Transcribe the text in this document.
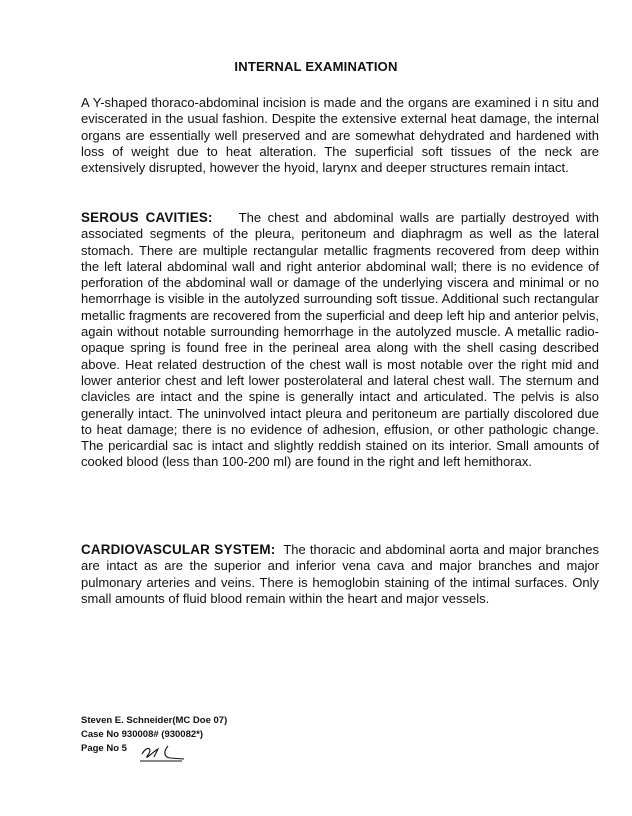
INTERNAL EXAMINATION

A Y-shaped thoraco-abdominal incision is made and the organs are examined i n situ and eviscerated in the usual fashion. Despite the extensive external heat damage, the internal organs are essentially well preserved and are somewhat dehydrated and hardened with loss of weight due to heat alteration. The superficial soft tissues of the neck are extensively disrupted, however the hyoid, larynx and deeper structures remain intact.

SEROUS CAVITIES: The chest and abdominal walls are partially destroyed with associated segments of the pleura, peritoneum and diaphragm as well as the lateral stomach. There are multiple rectangular metallic fragments recovered from deep within the left lateral abdominal wall and right anterior abdominal wall; there is no evidence of perforation of the abdominal wall or damage of the underlying viscera and minimal or no hemorrhage is visible in the autolyzed surrounding soft tissue. Additional such rectangular metallic fragments are recovered from the superficial and deep left hip and anterior pelvis, again without notable surrounding hemorrhage in the autolyzed muscle. A metallic radio-opaque spring is found free in the perineal area along with the shell casing described above. Heat related destruction of the chest wall is most notable over the right mid and lower anterior chest and left lower posterolateral and lateral chest wall. The sternum and clavicles are intact and the spine is generally intact and articulated. The pelvis is also generally intact. The uninvolved intact pleura and peritoneum are partially discolored due to heat damage; there is no evidence of adhesion, effusion, or other pathologic change. The pericardial sac is intact and slightly reddish stained on its interior. Small amounts of cooked blood (less than 100-200 ml) are found in the right and left hemithorax.

CARDIOVASCULAR SYSTEM: The thoracic and abdominal aorta and major branches are intact as are the superior and inferior vena cava and major branches and major pulmonary arteries and veins. There is hemoglobin staining of the intimal surfaces. Only small amounts of fluid blood remain within the heart and major vessels.

Steven E. Schneider(MC Doe 07)
Case No 930008# (930082*)
Page No 5
